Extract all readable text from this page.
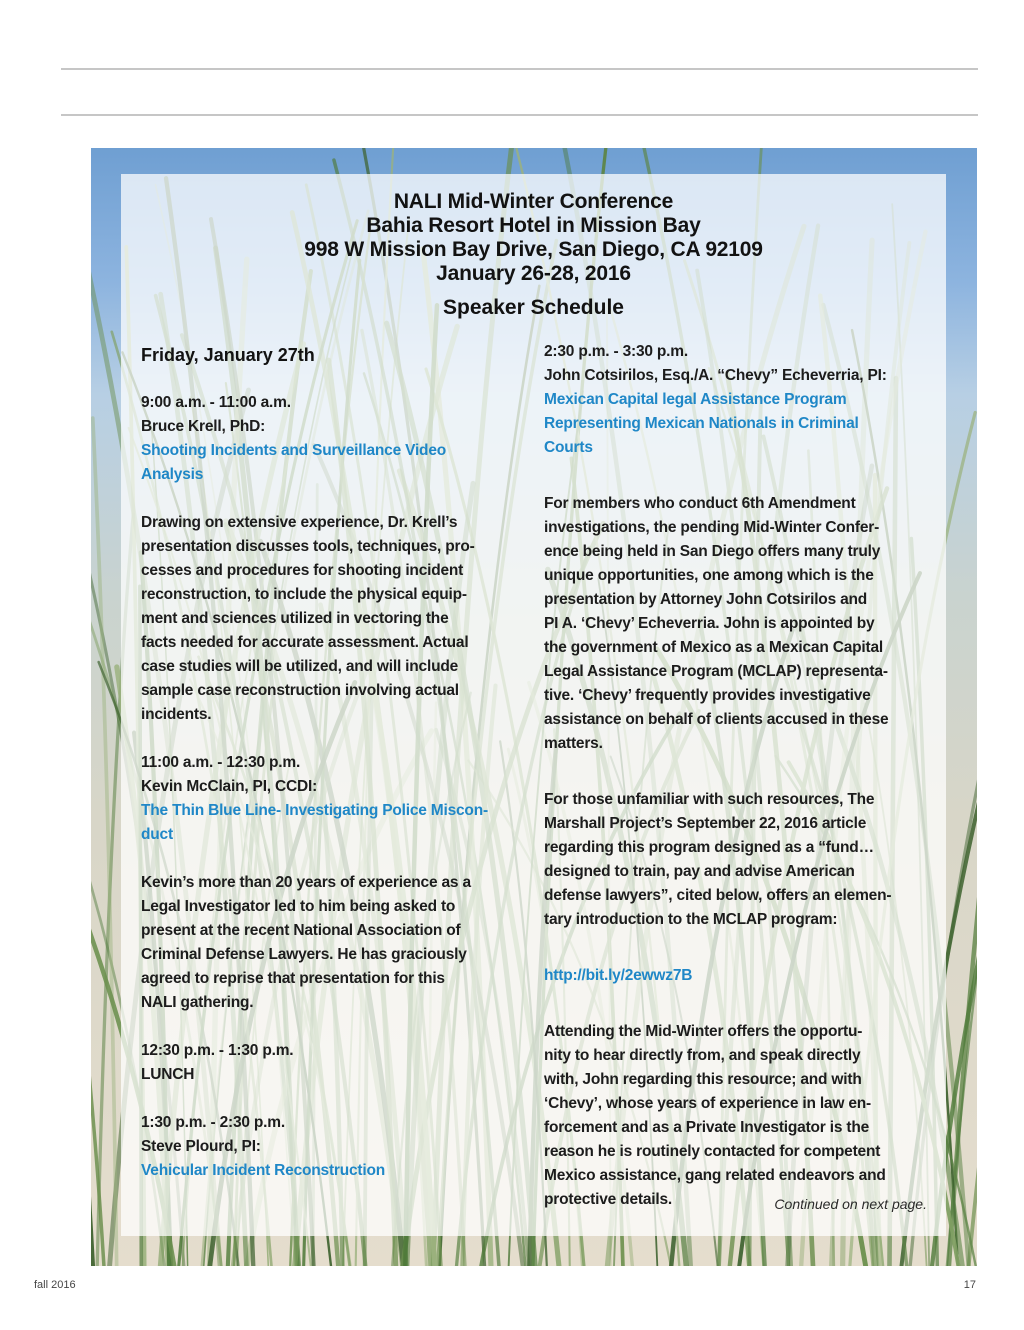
NALI Mid-Winter Conference
Bahia Resort Hotel in Mission Bay
998 W Mission Bay Drive, San Diego, CA 92109
January 26-28, 2016
Speaker Schedule
Friday, January 27th
9:00 a.m. - 11:00 a.m.
Bruce Krell, PhD:
Shooting Incidents and Surveillance Video
Analysis
Drawing on extensive experience, Dr. Krell’s
presentation discusses tools, techniques, pro-
cesses and procedures for shooting incident
reconstruction, to include the physical equip-
ment and sciences utilized in vectoring the
facts needed for accurate assessment. Actual
case studies will be utilized, and will include
sample case reconstruction involving actual
incidents.
11:00 a.m. - 12:30 p.m.
Kevin McClain, PI, CCDI:
The Thin Blue Line- Investigating Police Miscon-
duct
Kevin’s more than 20 years of experience as a
Legal Investigator led to him being asked to
present at the recent National Association of
Criminal Defense Lawyers. He has graciously
agreed to reprise that presentation for this
NALI gathering.
12:30 p.m. - 1:30 p.m.
LUNCH
1:30 p.m. - 2:30 p.m.
Steve Plourd, PI:
Vehicular Incident Reconstruction
2:30 p.m. - 3:30 p.m.
John Cotsirilos, Esq./A. “Chevy” Echeverria, PI:
Mexican Capital legal Assistance Program
Representing Mexican Nationals in Criminal
Courts
For members who conduct 6th Amendment
investigations, the pending Mid-Winter Confer-
ence being held in San Diego offers many truly
unique opportunities, one among which is the
presentation by Attorney John Cotsirilos and
PI A. ‘Chevy’ Echeverria. John is appointed by
the government of Mexico as a Mexican Capital
Legal Assistance Program (MCLAP) representa-
tive. ‘Chevy’ frequently provides investigative
assistance on behalf of clients accused in these
matters.
For those unfamiliar with such resources, The
Marshall Project’s September 22, 2016 article
regarding this program designed as a “fund…
designed to train, pay and advise American
defense lawyers”, cited below, offers an elemen-
tary introduction to the MCLAP program:
http://bit.ly/2ewwz7B
Attending the Mid-Winter offers the opportu-
nity to hear directly from, and speak directly
with, John regarding this resource; and with
‘Chevy’, whose years of experience in law en-
forcement and as a Private Investigator is the
reason he is routinely contacted for competent
Mexico assistance, gang related endeavors and
protective details.	Continued on next page.
fall 2016	17
